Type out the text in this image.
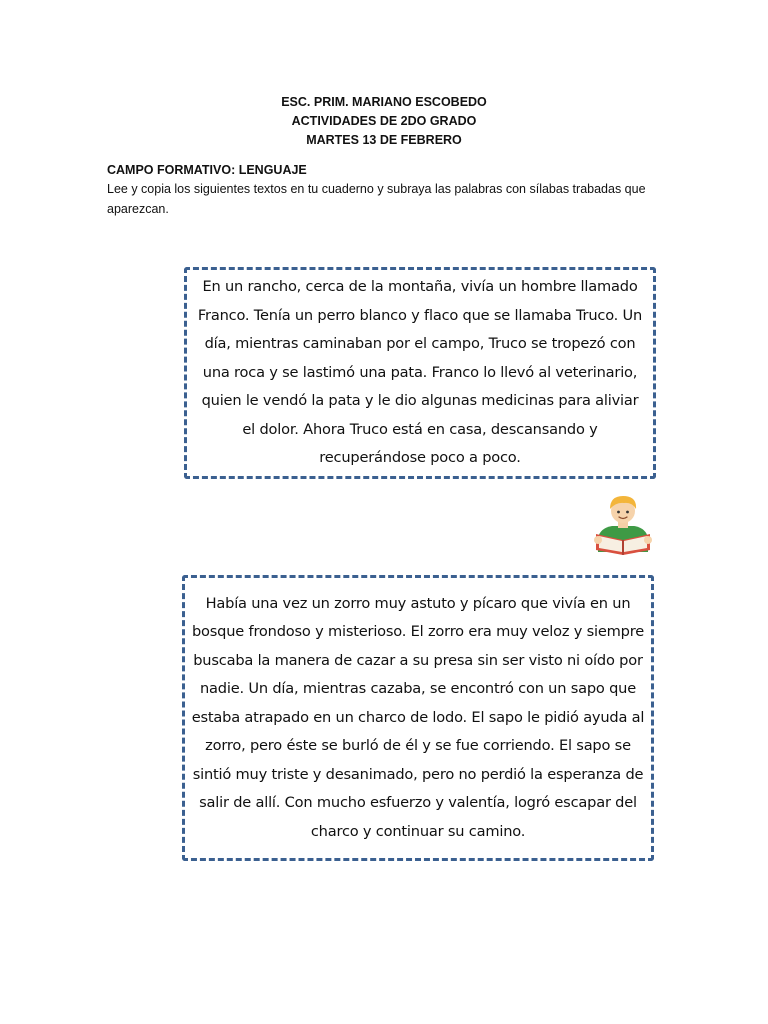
ESC. PRIM. MARIANO ESCOBEDO
ACTIVIDADES DE 2DO GRADO
MARTES 13 DE FEBRERO
CAMPO FORMATIVO: LENGUAJE
Lee y copia los siguientes textos en tu cuaderno y subraya las palabras con sílabas trabadas que aparezcan.
En un rancho, cerca de la montaña, vivía un hombre llamado Franco. Tenía un perro blanco y flaco que se llamaba Truco. Un día, mientras caminaban por el campo, Truco se tropezó con una roca y se lastimó una pata. Franco lo llevó al veterinario, quien le vendó la pata y le dio algunas medicinas para aliviar el dolor. Ahora Truco está en casa, descansando y recuperándose poco a poco.
Había una vez un zorro muy astuto y pícaro que vivía en un bosque frondoso y misterioso. El zorro era muy veloz y siempre buscaba la manera de cazar a su presa sin ser visto ni oído por nadie. Un día, mientras cazaba, se encontró con un sapo que estaba atrapado en un charco de lodo. El sapo le pidió ayuda al zorro, pero éste se burló de él y se fue corriendo. El sapo se sintió muy triste y desanimado, pero no perdió la esperanza de salir de allí. Con mucho esfuerzo y valentía, logró escapar del charco y continuar su camino.
